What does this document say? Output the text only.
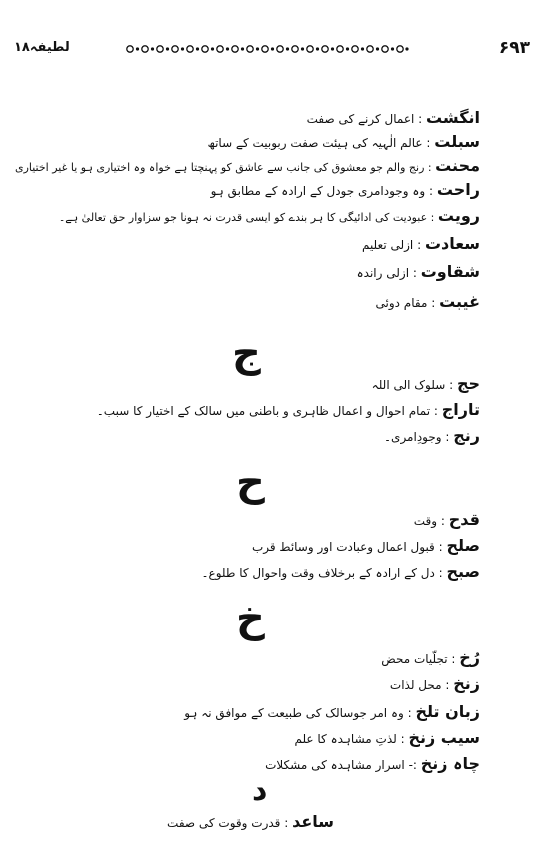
۶۹۳
لطیفہ۱۸
انگشت : اعمال کرنے کی صفت
سبلت : عالم الٰہیہ کی ہیئت صفت ربوبیت کے ساتھ
محنت : رنج والم جو معشوق کی جانب سے عاشق کو پہنچتا ہے خواہ وہ اختیاری ہو یا غیر اختیاری
راحت : وہ وجودامری جودل کے ارادہ کے مطابق ہو
رویت : عبودیت کی ادائیگی کا ہر بندے کو ایسی قدرت نہ ہونا جو سزاوار حق تعالیٰ ہے۔
سعادت : ازلی تعلیم
شقاوت : ازلی راندہ
غیبت : مقام دوئی
ج
حج : سلوک الی اللہ
تاراج : تمام احوال و اعمال ظاہری و باطنی میں سالک کے اختیار کا سبب۔
رنج : وجودِامری۔
ح
قدح : وقت
صلح : قبول اعمال وعبادت اور وسائط قرب
صبح : دل کے ارادہ کے برخلاف وقت واحوال کا طلوع۔
خ
رُخ : تجلّیات محض
زنخ : محل لذات
زبان تلخ : وہ امر جوسالک کی طبیعت کے موافق نہ ہو
سیب زنخ : لذتِ مشاہدہ کا علم
چاہ زنخ :- اسرار مشاہدہ کی مشکلات
د
ساعد : قدرت وقوت کی صفت
